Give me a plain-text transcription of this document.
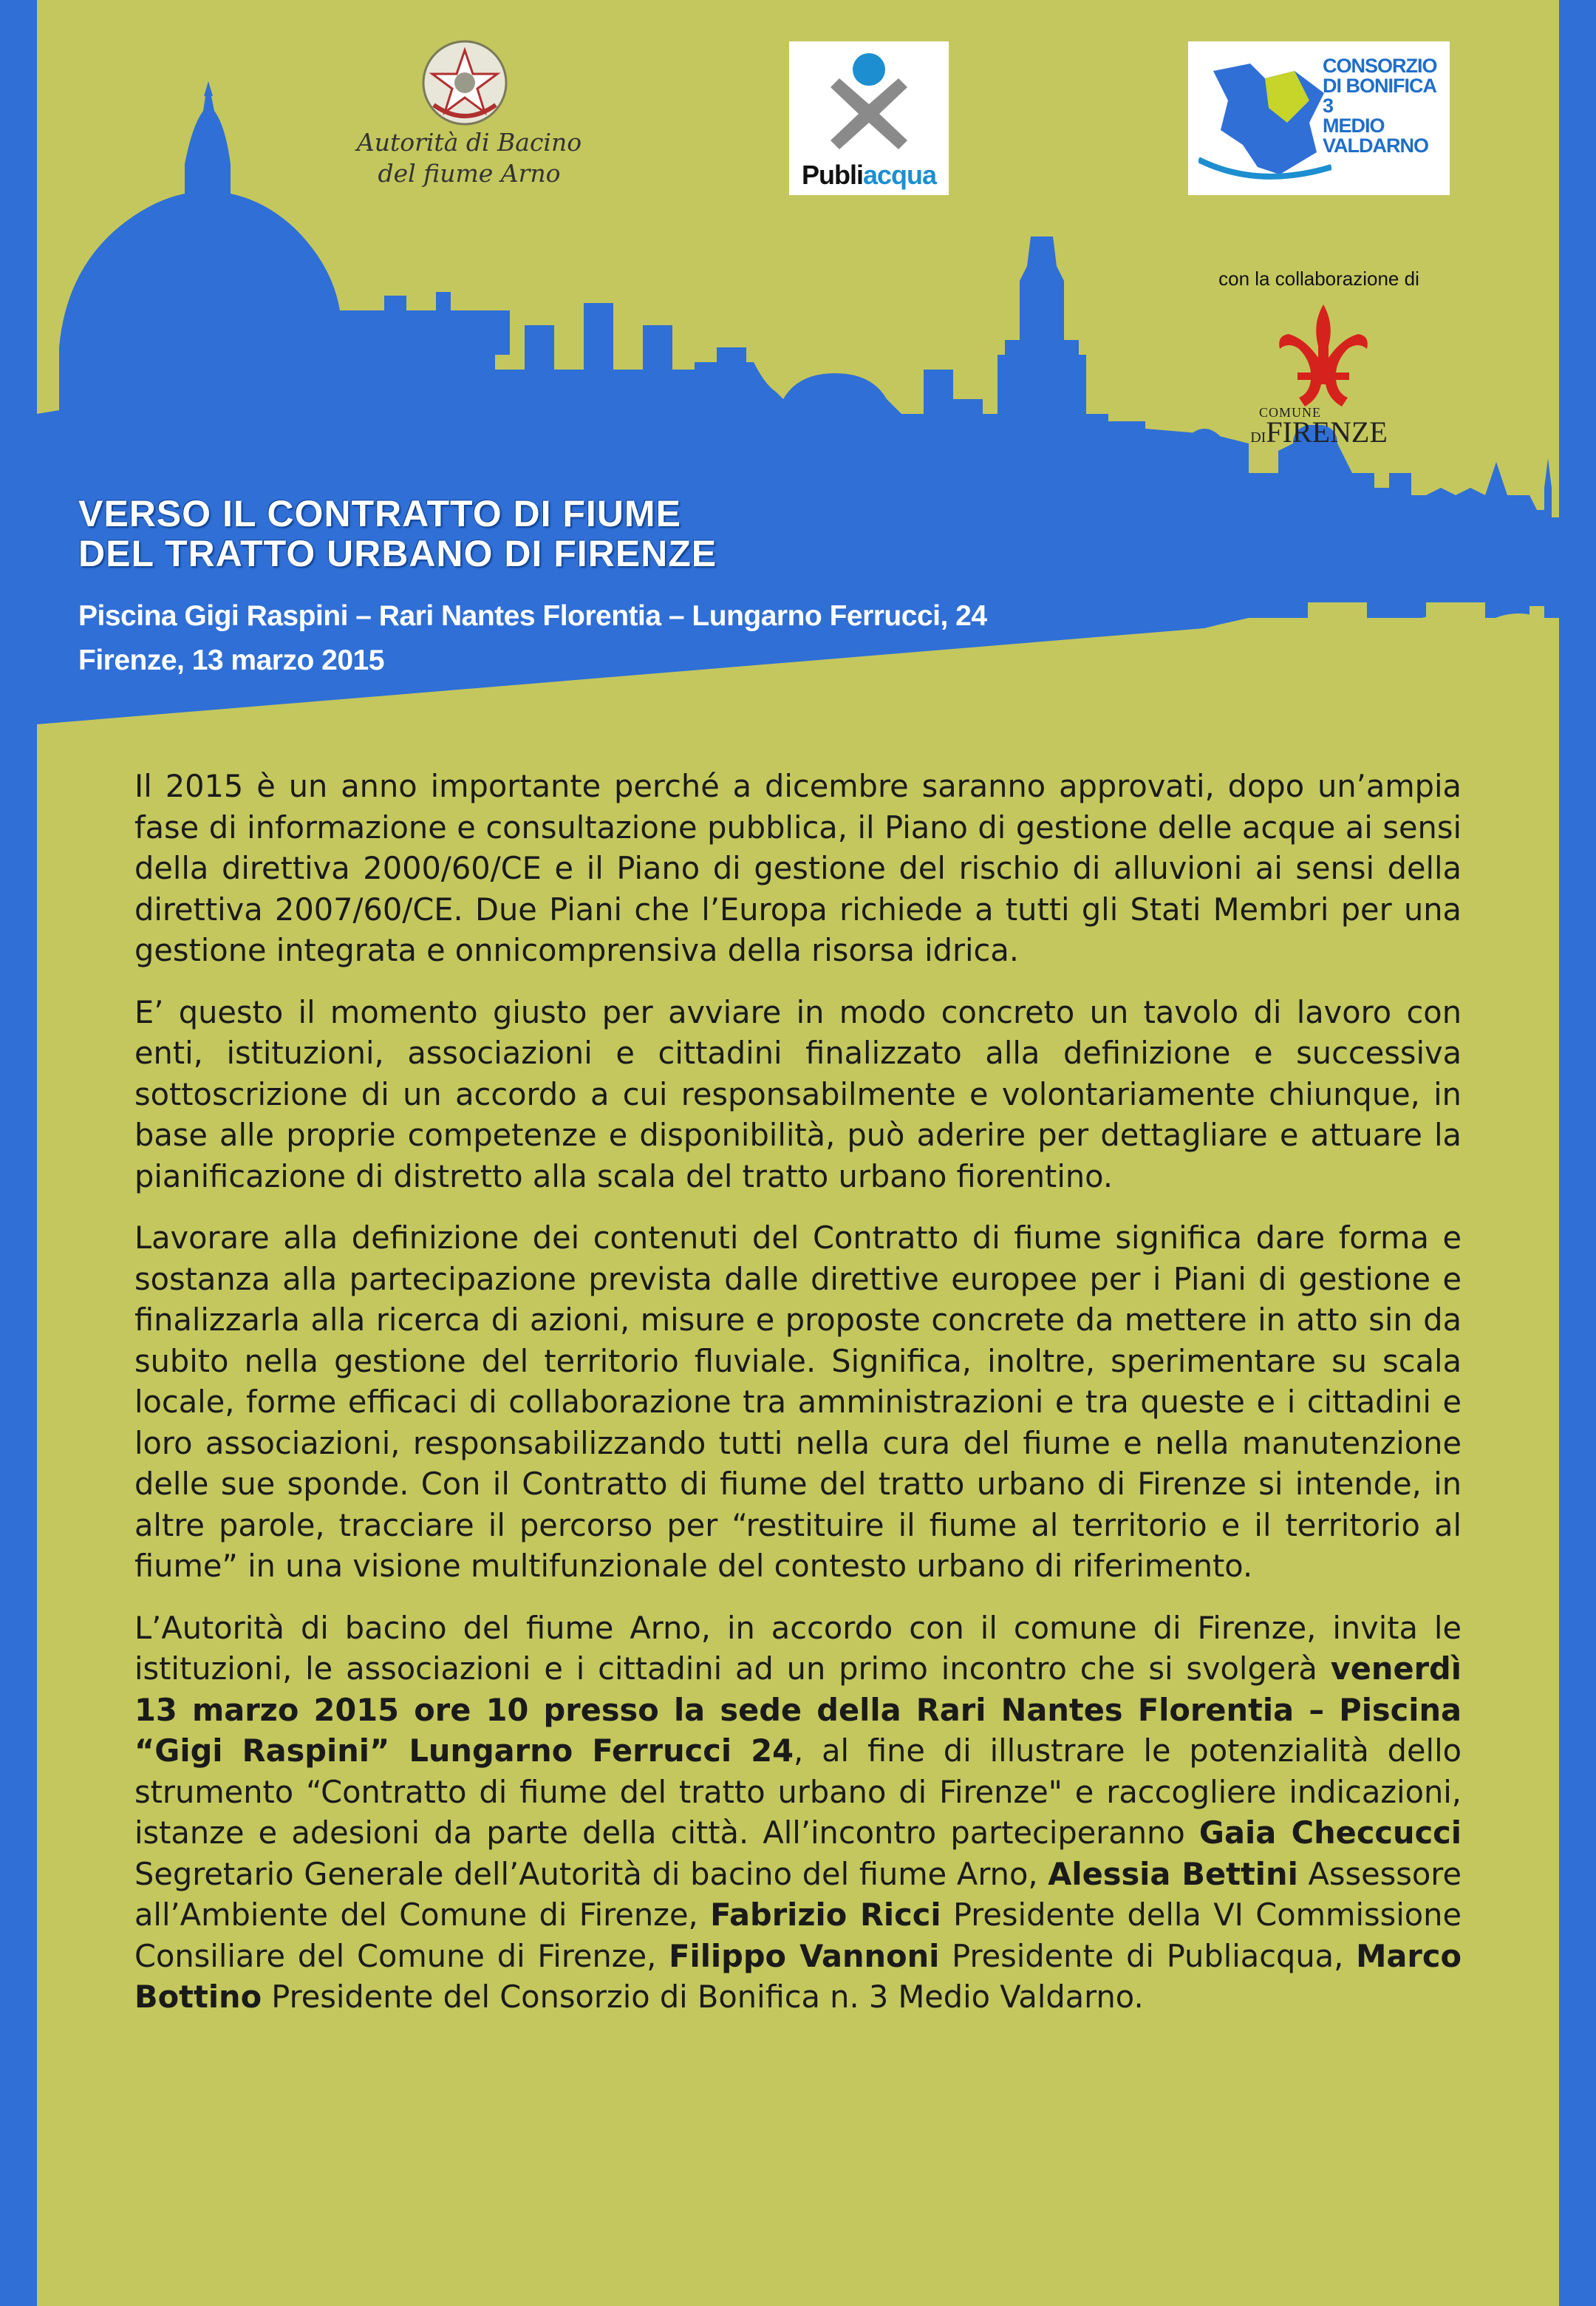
Autorità di Bacino
del fiume Arno	Publiacqua
CONSORZIO
DI BONIFICA 3
MEDIO
VALDARNO
con la collaborazione di
COMUNE
DIFIRENZE
VERSO IL CONTRATTO DI FIUME
DEL TRATTO URBANO DI FIRENZE
Piscina Gigi Raspini – Rari Nantes Florentia – Lungarno Ferrucci, 24
Firenze, 13 marzo 2015

Il 2015 è un anno importante perché a dicembre saranno approvati, dopo un’ampia fase di informazione e consultazione pubblica, il Piano di gestione delle acque ai sensi della direttiva 2000/60/CE e il Piano di gestione del rischio di alluvioni ai sensi della direttiva 2007/60/CE. Due Piani che l’Europa richiede a tutti gli Stati Membri per una gestione integrata e onnicomprensiva della risorsa idrica.

E’ questo il momento giusto per avviare in modo concreto un tavolo di lavoro con enti, istituzioni, associazioni e cittadini finalizzato alla definizione e successiva sottoscrizione di un accordo a cui responsabilmente e volontariamente chiunque, in base alle proprie competenze e disponibilità, può aderire per dettagliare e attuare la pianificazione di distretto alla scala del tratto urbano fiorentino.

Lavorare alla definizione dei contenuti del Contratto di fiume significa dare forma e sostanza alla partecipazione prevista dalle direttive europee per i Piani di gestione e finalizzarla alla ricerca di azioni, misure e proposte concrete da mettere in atto sin da subito nella gestione del territorio fluviale. Significa, inoltre, sperimentare su scala locale, forme efficaci di collaborazione tra amministrazioni e tra queste e i cittadini e loro associazioni, responsabilizzando tutti nella cura del fiume e nella manutenzione delle sue sponde. Con il Contratto di fiume del tratto urbano di Firenze si intende, in altre parole, tracciare il percorso per “restituire il fiume al territorio e il territorio al fiume” in una visione multifunzionale del contesto urbano di riferimento.

L’Autorità di bacino del fiume Arno, in accordo con il comune di Firenze, invita le istituzioni, le associazioni e i cittadini ad un primo incontro che si svolgerà venerdì 13 marzo 2015 ore 10 presso la sede della Rari Nantes Florentia – Piscina “Gigi Raspini” Lungarno Ferrucci 24, al fine di illustrare le potenzialità dello strumento “Contratto di fiume del tratto urbano di Firenze" e raccogliere indicazioni, istanze e adesioni da parte della città. All’incontro parteciperanno Gaia Checcucci Segretario Generale dell’Autorità di bacino del fiume Arno, Alessia Bettini Assessore all’Ambiente del Comune di Firenze, Fabrizio Ricci Presidente della VI Commissione Consiliare del Comune di Firenze, Filippo Vannoni Presidente di Publiacqua, Marco Bottino Presidente del Consorzio di Bonifica n. 3 Medio Valdarno.
